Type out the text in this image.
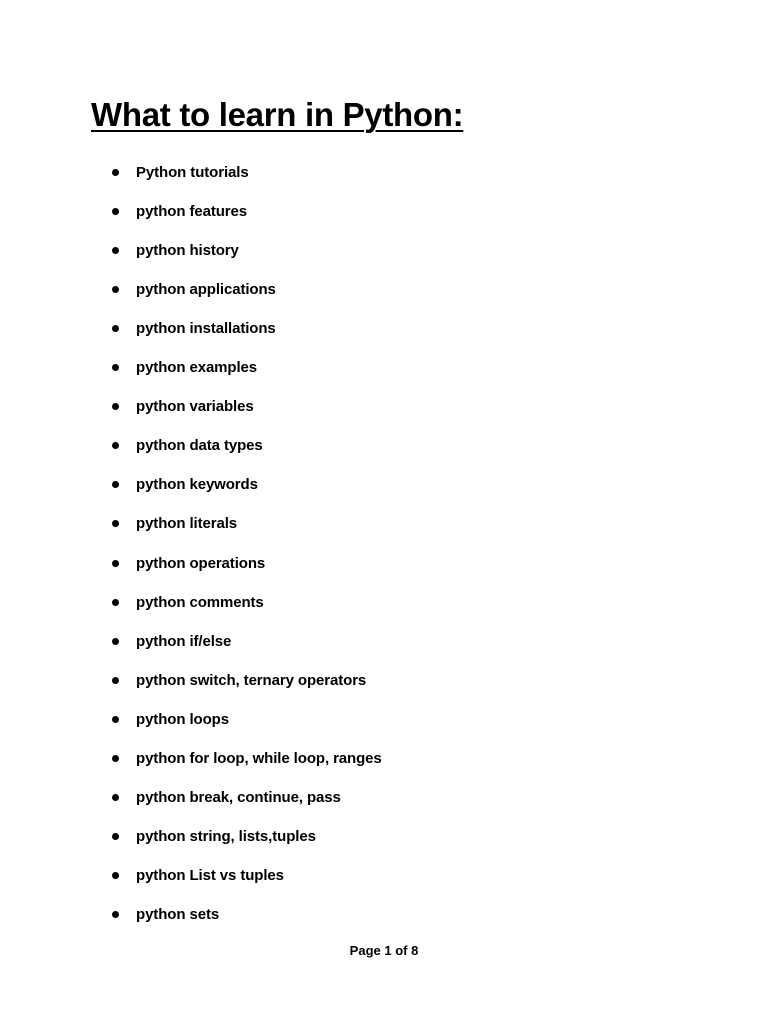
What to learn in Python:
Python tutorials
python features
python history
python applications
python installations
python examples
python variables
python data types
python keywords
python literals
python operations
python comments
python if/else
python switch, ternary operators
python loops
python for loop, while loop, ranges
python break, continue, pass
python string, lists,tuples
python List vs tuples
python sets
Page 1 of 8
